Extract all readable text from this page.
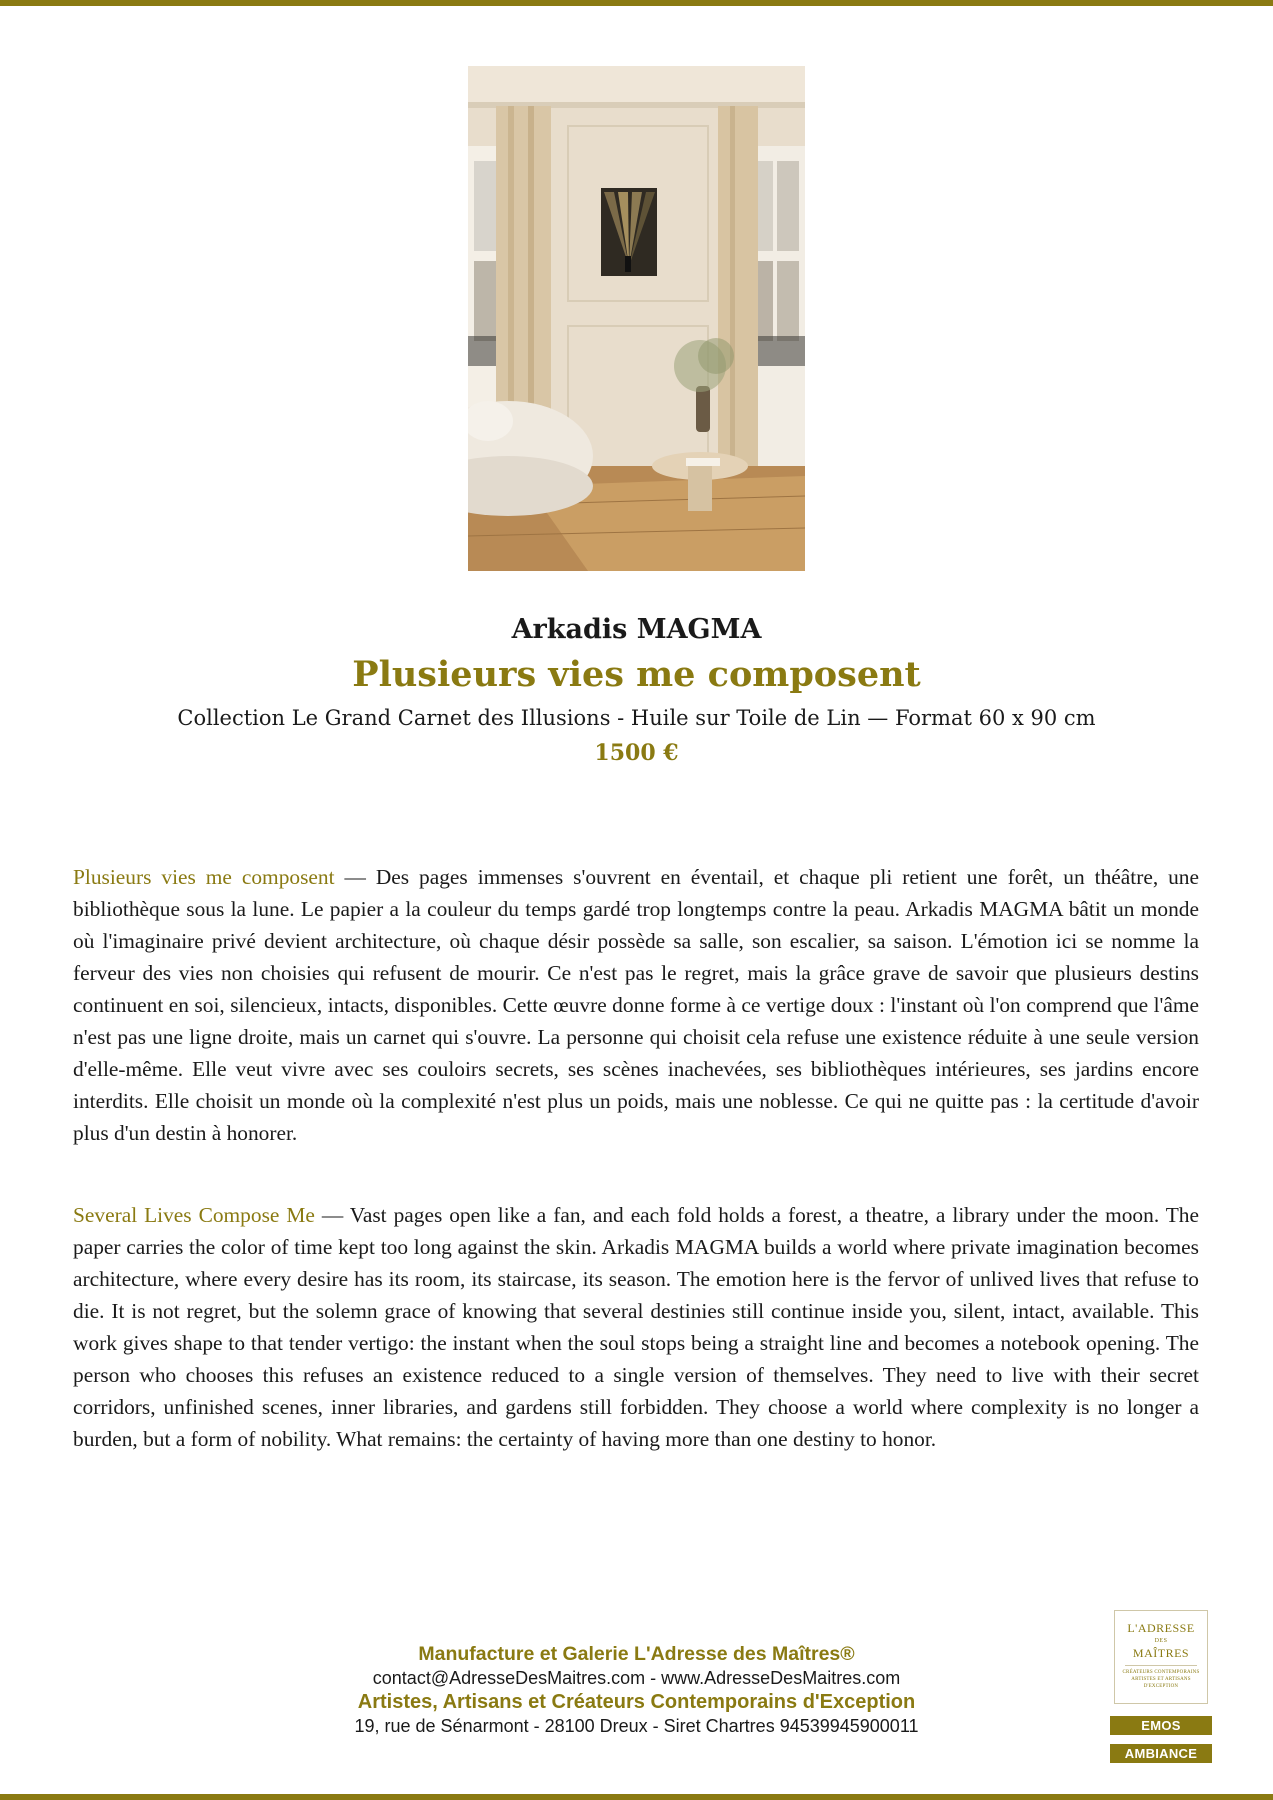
Arkadis MAGMA
Plusieurs vies me composent
Collection Le Grand Carnet des Illusions - Huile sur Toile de Lin — Format 60 x 90 cm
1500 €

Plusieurs vies me composent — Des pages immenses s'ouvrent en éventail, et chaque pli retient une forêt, un théâtre, une bibliothèque sous la lune. Le papier a la couleur du temps gardé trop longtemps contre la peau. Arkadis MAGMA bâtit un monde où l'imaginaire privé devient architecture, où chaque désir possède sa salle, son escalier, sa saison. L'émotion ici se nomme la ferveur des vies non choisies qui refusent de mourir. Ce n'est pas le regret, mais la grâce grave de savoir que plusieurs destins continuent en soi, silencieux, intacts, disponibles. Cette œuvre donne forme à ce vertige doux : l'instant où l'on comprend que l'âme n'est pas une ligne droite, mais un carnet qui s'ouvre. La personne qui choisit cela refuse une existence réduite à une seule version d'elle-même. Elle veut vivre avec ses couloirs secrets, ses scènes inachevées, ses bibliothèques intérieures, ses jardins encore interdits. Elle choisit un monde où la complexité n'est plus un poids, mais une noblesse. Ce qui ne quitte pas : la certitude d'avoir plus d'un destin à honorer.

Several Lives Compose Me — Vast pages open like a fan, and each fold holds a forest, a theatre, a library under the moon. The paper carries the color of time kept too long against the skin. Arkadis MAGMA builds a world where private imagination becomes architecture, where every desire has its room, its staircase, its season. The emotion here is the fervor of unlived lives that refuse to die. It is not regret, but the solemn grace of knowing that several destinies still continue inside you, silent, intact, available. This work gives shape to that tender vertigo: the instant when the soul stops being a straight line and becomes a notebook opening. The person who chooses this refuses an existence reduced to a single version of themselves. They need to live with their secret corridors, unfinished scenes, inner libraries, and gardens still forbidden. They choose a world where complexity is no longer a burden, but a form of nobility. What remains: the certainty of having more than one destiny to honor.

Manufacture et Galerie L'Adresse des Maîtres®
contact@AdresseDesMaitres.com - www.AdresseDesMaitres.com
Artistes, Artisans et Créateurs Contemporains d'Exception
19, rue de Sénarmont - 28100 Dreux - Siret Chartres 94539945900011
L'ADRESSE
DES
MAÎTRES
CRÉATEURS CONTEMPORAINS ARTISTES ET ARTISANS D'EXCEPTION
EMOS
AMBIANCE
